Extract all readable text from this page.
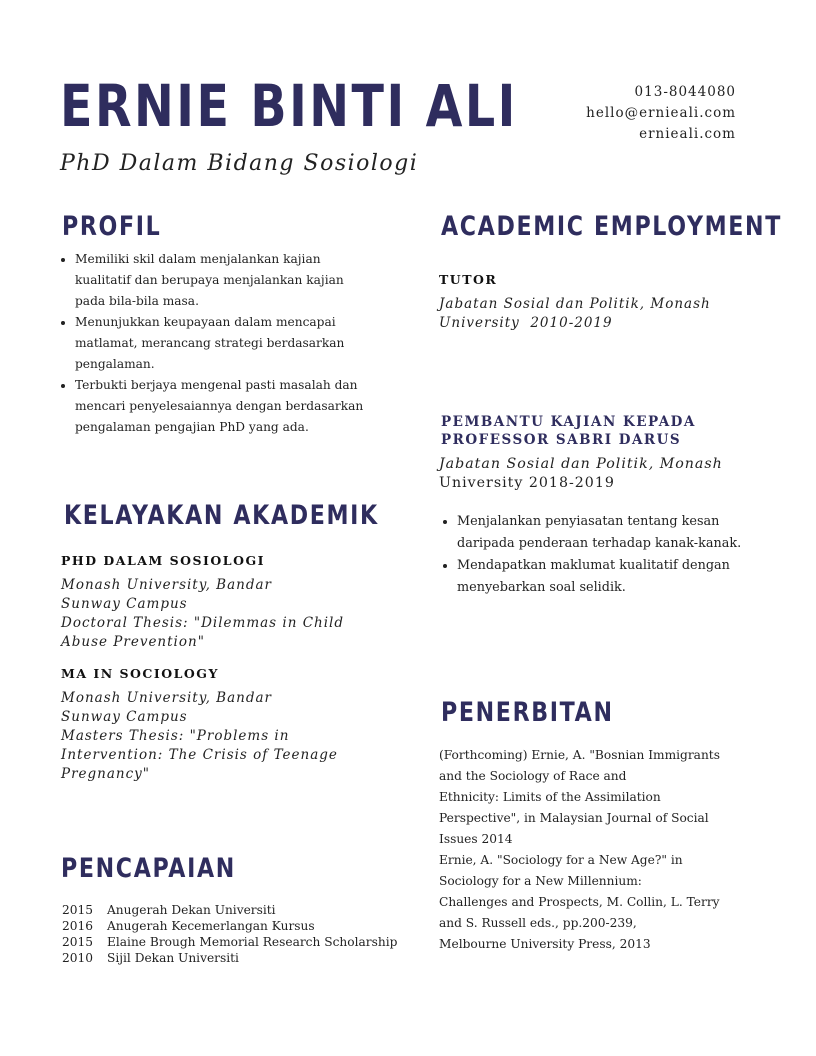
ERNIE BINTI ALI
PhD Dalam Bidang Sosiologi
013-8044080
hello@ernieali.com
ernieali.com
PROFIL
• Memiliki skil dalam menjalankan kajian kualitatif dan berupaya menjalankan kajian pada bila-bila masa.
• Menunjukkan keupayaan dalam mencapai matlamat, merancang strategi berdasarkan pengalaman.
• Terbukti berjaya mengenal pasti masalah dan mencari penyelesaiannya dengan berdasarkan pengalaman pengajian PhD yang ada.
KELAYAKAN AKADEMIK
PHD DALAM SOSIOLOGI
Monash University, Bandar
Sunway Campus
Doctoral Thesis: "Dilemmas in Child
Abuse Prevention"
MA IN SOCIOLOGY
Monash University, Bandar
Sunway Campus
Masters Thesis: "Problems in
Intervention: The Crisis of Teenage
Pregnancy"
PENCAPAIAN
2015	Anugerah Dekan Universiti
2016	Anugerah Kecemerlangan Kursus
2015	Elaine Brough Memorial Research Scholarship
2010	Sijil Dekan Universiti
ACADEMIC EMPLOYMENT
TUTOR
Jabatan Sosial dan Politik, Monash
University  2010-2019
PEMBANTU KAJIAN KEPADA
PROFESSOR SABRI DARUS
Jabatan Sosial dan Politik, Monash
University 2018-2019
• Menjalankan penyiasatan tentang kesan daripada penderaan terhadap kanak-kanak.
• Mendapatkan maklumat kualitatif dengan menyebarkan soal selidik.
PENERBITAN
(Forthcoming) Ernie, A. "Bosnian Immigrants
and the Sociology of Race and
Ethnicity: Limits of the Assimilation
Perspective", in Malaysian Journal of Social
Issues 2014
Ernie, A. "Sociology for a New Age?" in
Sociology for a New Millennium:
Challenges and Prospects, M. Collin, L. Terry
and S. Russell eds., pp.200-239,
Melbourne University Press, 2013
